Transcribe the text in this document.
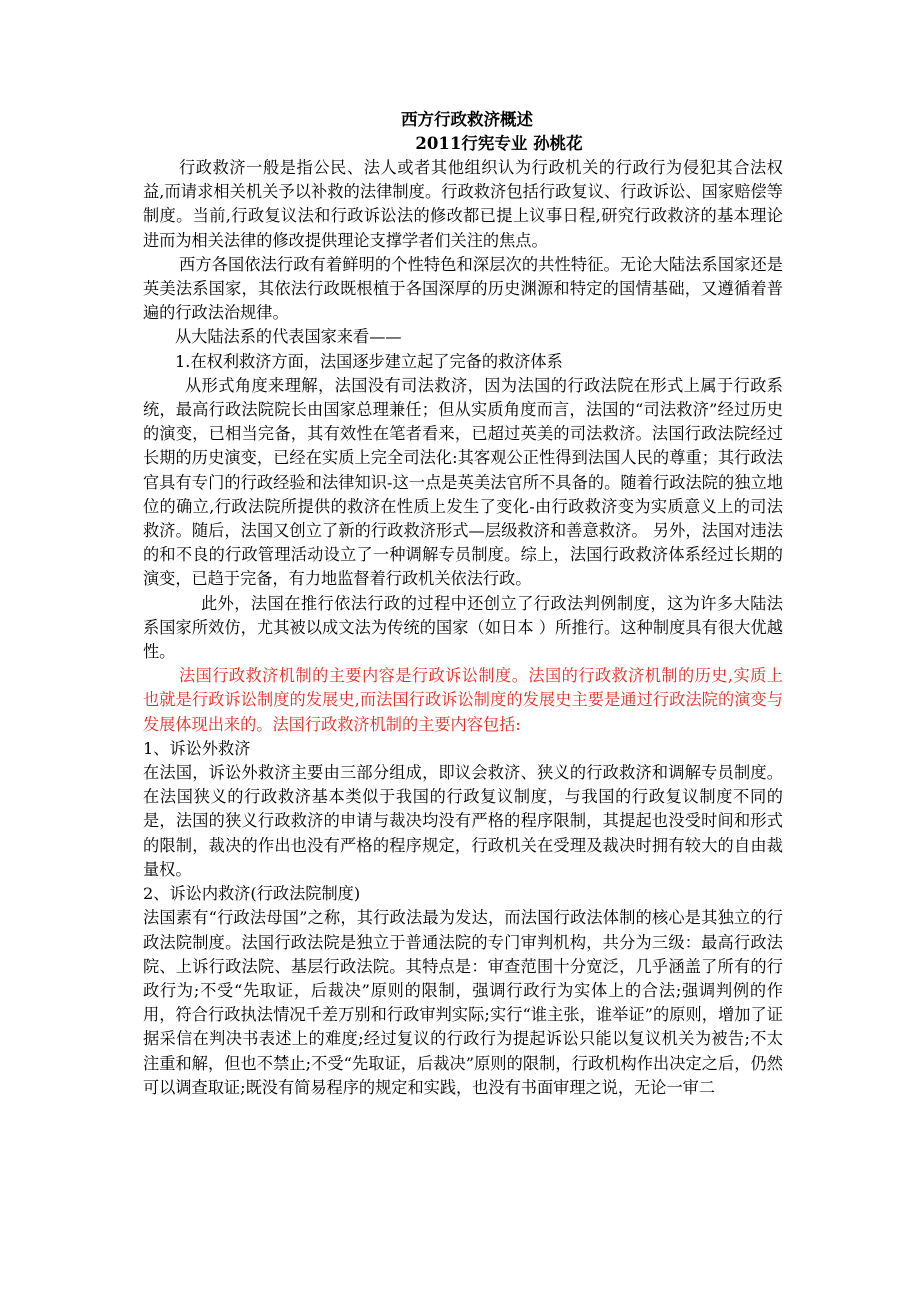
西方行政救济概述
2011行宪专业 孙桃花

行政救济一般是指公民、法人或者其他组织认为行政机关的行政行为侵犯其合法权益,而请求相关机关予以补救的法律制度。行政救济包括行政复议、行政诉讼、国家赔偿等制度。当前,行政复议法和行政诉讼法的修改都已提上议事日程,研究行政救济的基本理论进而为相关法律的修改提供理论支撑学者们关注的焦点。

西方各国依法行政有着鲜明的个性特色和深层次的共性特征。无论大陆法系国家还是英美法系国家，其依法行政既根植于各国深厚的历史渊源和特定的国情基础，又遵循着普遍的行政法治规律。

从大陆法系的代表国家来看——

1.在权利救济方面，法国逐步建立起了完备的救济体系

从形式角度来理解，法国没有司法救济，因为法国的行政法院在形式上属于行政系统，最高行政法院院长由国家总理兼任；但从实质角度而言，法国的“司法救济”经过历史的演变，已相当完备，其有效性在笔者看来，已超过英美的司法救济。法国行政法院经过长期的历史演变，已经在实质上完全司法化:其客观公正性得到法国人民的尊重；其行政法官具有专门的行政经验和法律知识-这一点是英美法官所不具备的。随着行政法院的独立地位的确立,行政法院所提供的救济在性质上发生了变化-由行政救济变为实质意义上的司法救济。随后，法国又创立了新的行政救济形式—层级救济和善意救济。 另外，法国对违法的和不良的行政管理活动设立了一种调解专员制度。综上，法国行政救济体系经过长期的演变，已趋于完备，有力地监督着行政机关依法行政。

此外，法国在推行依法行政的过程中还创立了行政法判例制度，这为许多大陆法系国家所效仿，尤其被以成文法为传统的国家（如日本 ）所推行。这种制度具有很大优越性。

法国行政救济机制的主要内容是行政诉讼制度。法国的行政救济机制的历史,实质上也就是行政诉讼制度的发展史,而法国行政诉讼制度的发展史主要是通过行政法院的演变与发展体现出来的。法国行政救济机制的主要内容包括:

1、诉讼外救济

在法国，诉讼外救济主要由三部分组成，即议会救济、狭义的行政救济和调解专员制度。在法国狭义的行政救济基本类似于我国的行政复议制度，与我国的行政复议制度不同的是，法国的狭义行政救济的申请与裁决均没有严格的程序限制，其提起也没受时间和形式的限制，裁决的作出也没有严格的程序规定，行政机关在受理及裁决时拥有较大的自由裁量权。

2、诉讼内救济(行政法院制度)

法国素有“行政法母国”之称，其行政法最为发达，而法国行政法体制的核心是其独立的行政法院制度。法国行政法院是独立于普通法院的专门审判机构，共分为三级：最高行政法院、上诉行政法院、基层行政法院。其特点是：审查范围十分宽泛，几乎涵盖了所有的行政行为;不受“先取证，后裁决”原则的限制，强调行政行为实体上的合法;强调判例的作用，符合行政执法情况千差万别和行政审判实际;实行“谁主张，谁举证”的原则，增加了证据采信在判决书表述上的难度;经过复议的行政行为提起诉讼只能以复议机关为被告;不太注重和解，但也不禁止;不受“先取证，后裁决”原则的限制，行政机构作出决定之后，仍然可以调查取证;既没有简易程序的规定和实践，也没有书面审理之说，无论一审二
